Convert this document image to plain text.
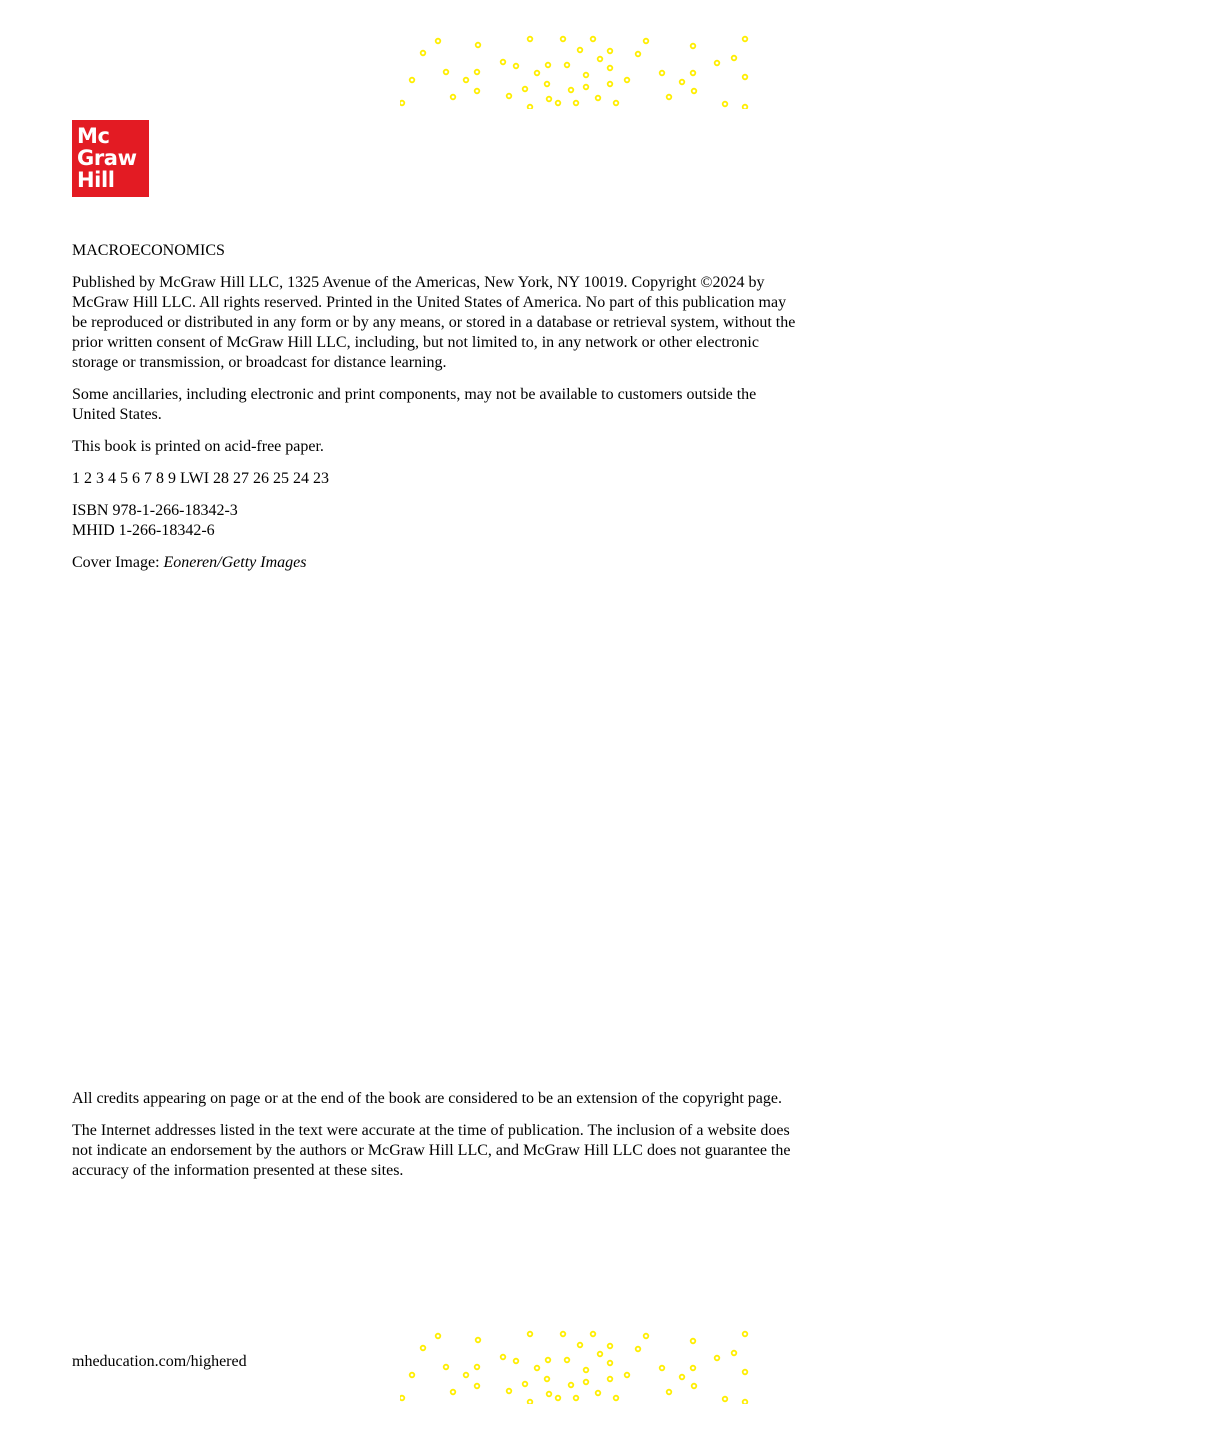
Mc
Graw
Hill

MACROECONOMICS

Published by McGraw Hill LLC, 1325 Avenue of the Americas, New York, NY 10019. Copyright ©2024 by McGraw Hill LLC. All rights reserved. Printed in the United States of America. No part of this publication may be reproduced or distributed in any form or by any means, or stored in a database or retrieval system, without the prior written consent of McGraw Hill LLC, including, but not limited to, in any network or other electronic storage or transmission, or broadcast for distance learning.

Some ancillaries, including electronic and print components, may not be available to customers outside the United States.

This book is printed on acid-free paper.

1 2 3 4 5 6 7 8 9 LWI 28 27 26 25 24 23

ISBN 978-1-266-18342-3
MHID 1-266-18342-6

Cover Image: Eoneren/Getty Images

All credits appearing on page or at the end of the book are considered to be an extension of the copyright page.

The Internet addresses listed in the text were accurate at the time of publication. The inclusion of a website does not indicate an endorsement by the authors or McGraw Hill LLC, and McGraw Hill LLC does not guarantee the accuracy of the information presented at these sites.

mheducation.com/highered
